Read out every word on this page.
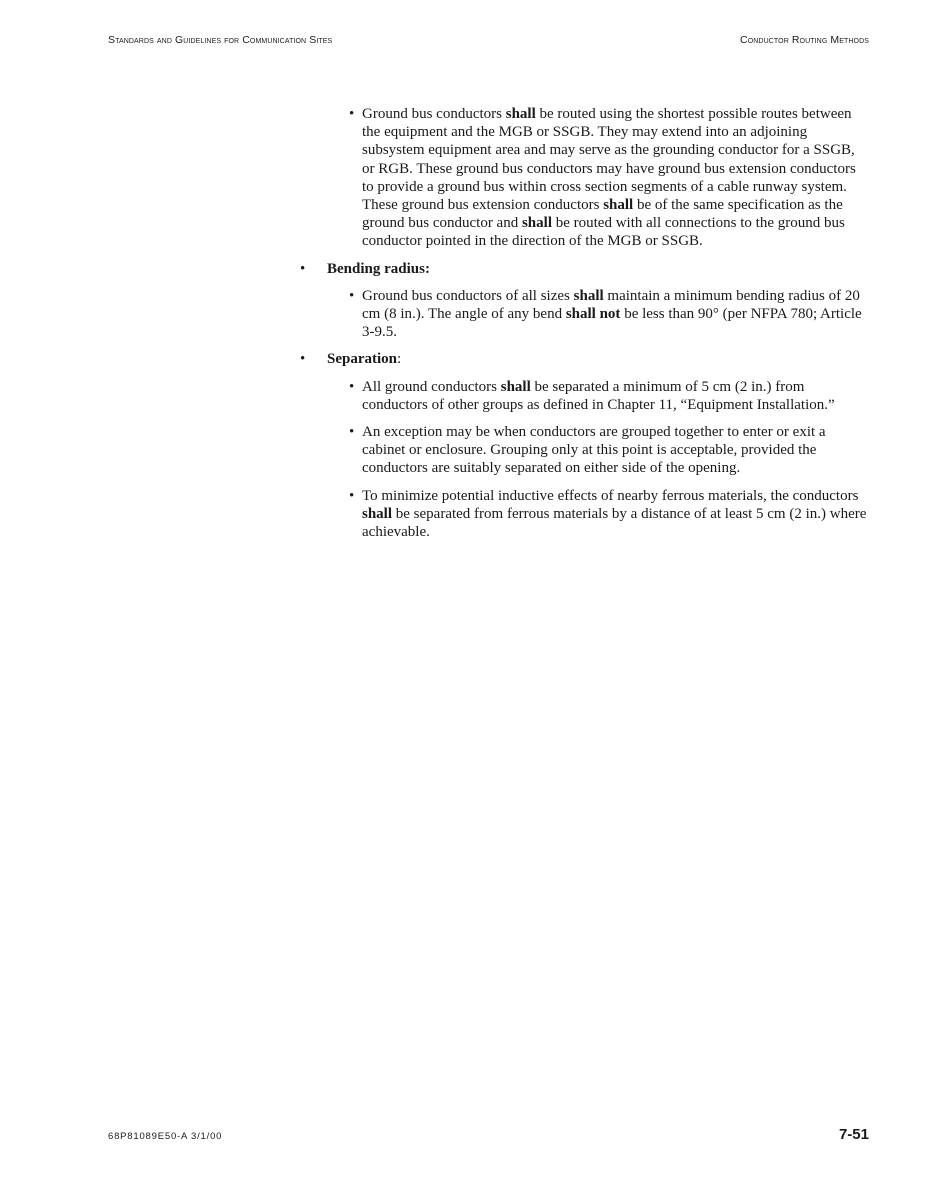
Standards and Guidelines for Communication Sites	Conductor Routing Methods
• Ground bus conductors shall be routed using the shortest possible routes between the equipment and the MGB or SSGB. They may extend into an adjoining subsystem equipment area and may serve as the grounding conductor for a SSGB, or RGB. These ground bus conductors may have ground bus extension conductors to provide a ground bus within cross section segments of a cable runway system. These ground bus extension conductors shall be of the same specification as the ground bus conductor and shall be routed with all connections to the ground bus conductor pointed in the direction of the MGB or SSGB.
• Bending radius:
• Ground bus conductors of all sizes shall maintain a minimum bending radius of 20 cm (8 in.). The angle of any bend shall not be less than 90° (per NFPA 780; Article 3-9.5.
• Separation:
• All ground conductors shall be separated a minimum of 5 cm (2 in.) from conductors of other groups as defined in Chapter 11, “Equipment Installation.”
• An exception may be when conductors are grouped together to enter or exit a cabinet or enclosure. Grouping only at this point is acceptable, provided the conductors are suitably separated on either side of the opening.
• To minimize potential inductive effects of nearby ferrous materials, the conductors shall be separated from ferrous materials by a distance of at least 5 cm (2 in.) where achievable.
68P81089E50-A 3/1/00	7-51
